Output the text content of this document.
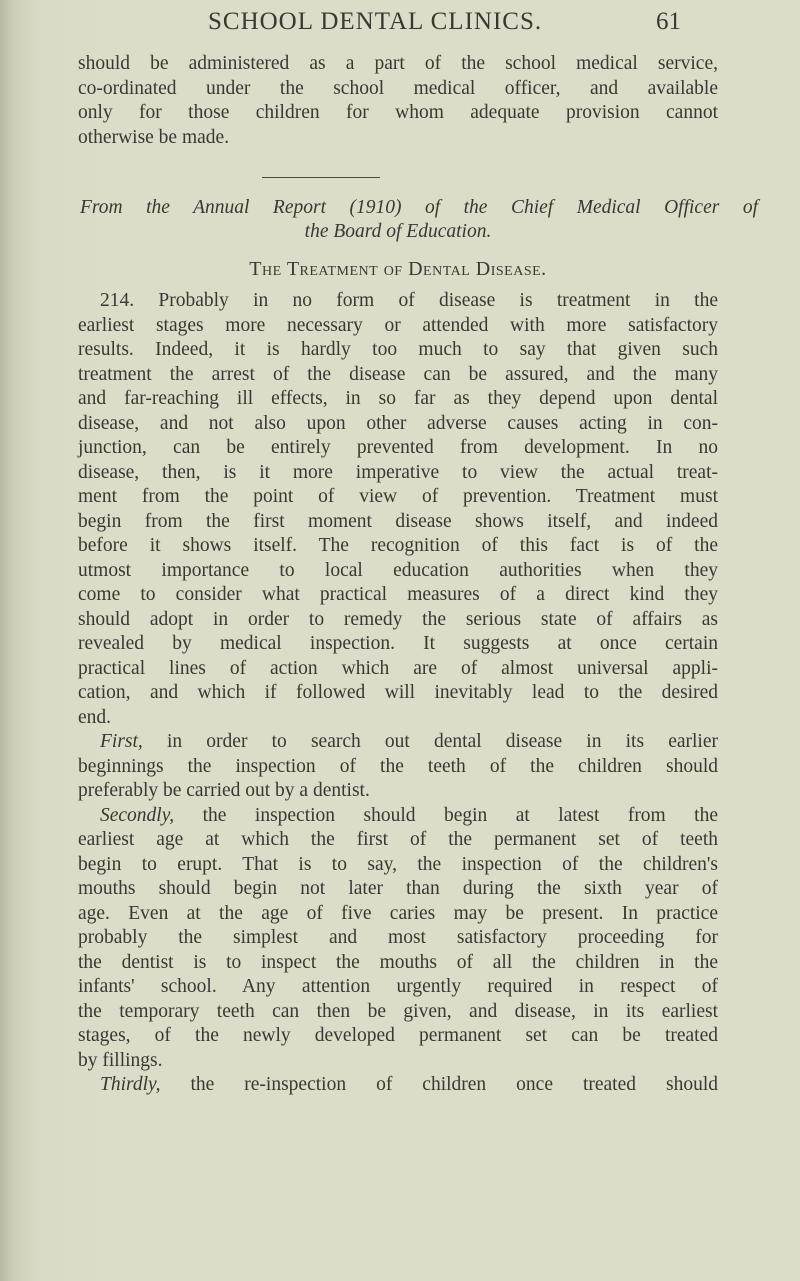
SCHOOL DENTAL CLINICS.	61
should be administered as a part of the school medical service,
co-ordinated under the school medical officer, and available
only for those children for whom adequate provision cannot
otherwise be made.
From the Annual Report (1910) of the Chief Medical Officer of
the Board of Education.
The Treatment of Dental Disease.
214. Probably in no form of disease is treatment in the
earliest stages more necessary or attended with more satisfactory
results. Indeed, it is hardly too much to say that given such
treatment the arrest of the disease can be assured, and the many
and far-reaching ill effects, in so far as they depend upon dental
disease, and not also upon other adverse causes acting in con-
junction, can be entirely prevented from development. In no
disease, then, is it more imperative to view the actual treat-
ment from the point of view of prevention. Treatment must
begin from the first moment disease shows itself, and indeed
before it shows itself. The recognition of this fact is of the
utmost importance to local education authorities when they
come to consider what practical measures of a direct kind they
should adopt in order to remedy the serious state of affairs as
revealed by medical inspection. It suggests at once certain
practical lines of action which are of almost universal appli-
cation, and which if followed will inevitably lead to the desired
end.
First, in order to search out dental disease in its earlier
beginnings the inspection of the teeth of the children should
preferably be carried out by a dentist.
Secondly, the inspection should begin at latest from the
earliest age at which the first of the permanent set of teeth
begin to erupt. That is to say, the inspection of the children's
mouths should begin not later than during the sixth year of
age. Even at the age of five caries may be present. In practice
probably the simplest and most satisfactory proceeding for
the dentist is to inspect the mouths of all the children in the
infants' school. Any attention urgently required in respect of
the temporary teeth can then be given, and disease, in its earliest
stages, of the newly developed permanent set can be treated
by fillings.
Thirdly, the re-inspection of children once treated should
